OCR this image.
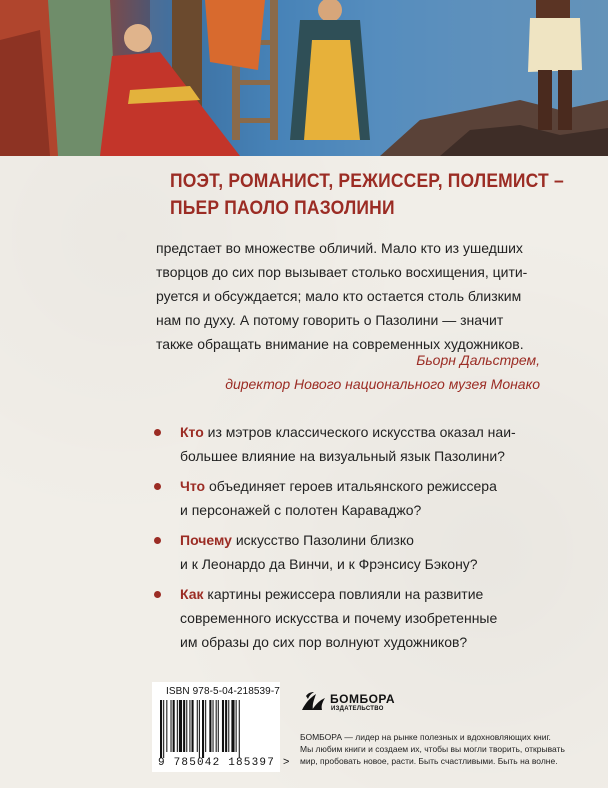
ПОЭТ, РОМАНИСТ, РЕЖИССЕР, ПОЛЕМИСТ –
ПЬЕР ПАОЛО ПАЗОЛИНИ
предстает во множестве обличий. Мало кто из ушедших
творцов до сих пор вызывает столько восхищения, цити-
руется и обсуждается; мало кто остается столь близким
нам по духу. А потому говорить о Пазолини — значит
также обращать внимание на современных художников.
Бьорн Дальстрем,
директор Нового национального музея Монако
Кто из мэтров классического искусства оказал наи-
большее влияние на визуальный язык Пазолини?
Что объединяет героев итальянского режиссера
и персонажей с полотен Караваджо?
Почему искусство Пазолини близко
и к Леонардо да Винчи, и к Фрэнсису Бэкону?
Как картины режиссера повлияли на развитие
современного искусства и почему изобретенные
им образы до сих пор волнуют художников?
ISBN 978-5-04-218539-7
9 785042 185397 >
БОМБОРА
ИЗДАТЕЛЬСТВО
БОМБОРА — лидер на рынке полезных и вдохновляющих книг.
Мы любим книги и создаем их, чтобы вы могли творить, открывать
мир, пробовать новое, расти. Быть счастливыми. Быть на волне.
